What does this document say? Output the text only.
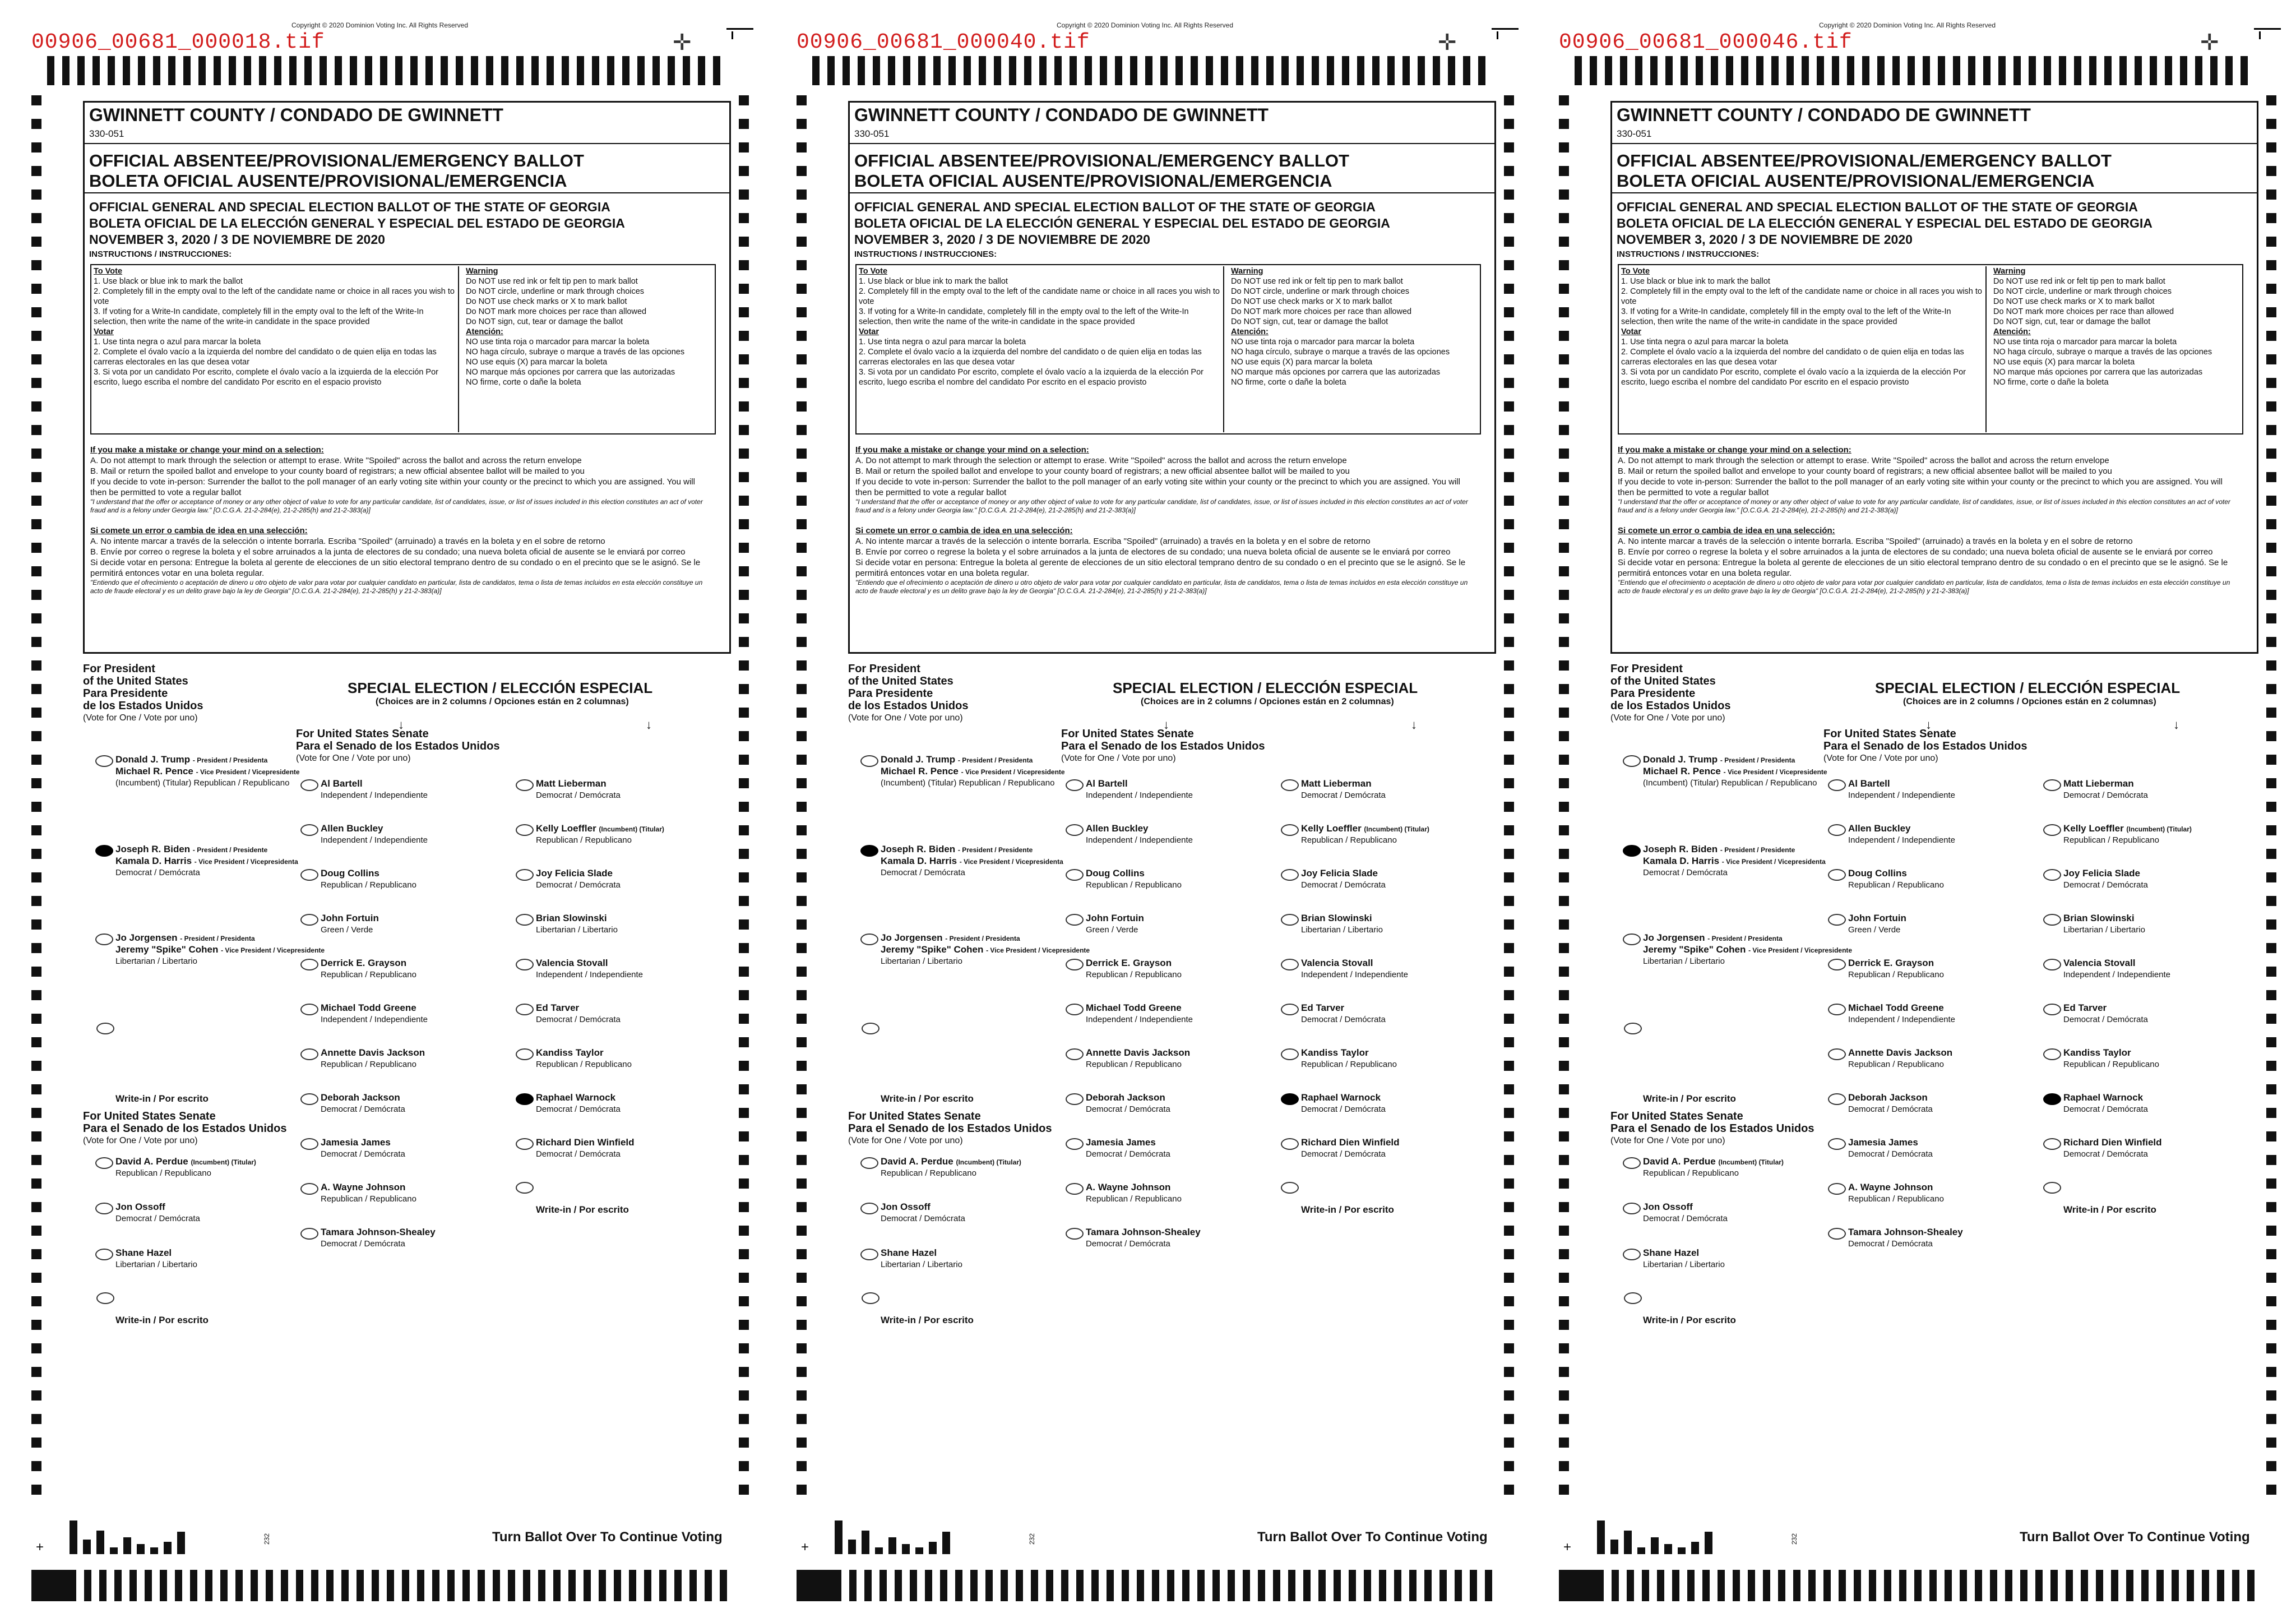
00906_00681_000018.tif
Copyright © 2020 Dominion Voting Inc. All Rights Reserved
✛
GWINNETT COUNTY / CONDADO DE GWINNETT
330-051
OFFICIAL ABSENTEE/PROVISIONAL/EMERGENCY BALLOT
BOLETA OFICIAL AUSENTE/PROVISIONAL/EMERGENCIA
OFFICIAL GENERAL AND SPECIAL ELECTION BALLOT OF THE STATE OF GEORGIA
BOLETA OFICIAL DE LA ELECCIÓN GENERAL Y ESPECIAL DEL ESTADO DE GEORGIA
NOVEMBER 3, 2020 / 3 DE NOVIEMBRE DE 2020
INSTRUCTIONS / INSTRUCCIONES:
To Vote
1. Use black or blue ink to mark the ballot
2. Completely fill in the empty oval to the left of the candidate name or choice in all races you wish to vote
3. If voting for a Write-In candidate, completely fill in the empty oval to the left of the Write-In selection, then write the name of the write-in candidate in the space provided
Votar
1. Use tinta negra o azul para marcar la boleta
2. Complete el óvalo vacío a la izquierda del nombre del candidato o de quien elija en todas las carreras electorales en las que desea votar
3. Si vota por un candidato Por escrito, complete el óvalo vacío a la izquierda de la elección Por escrito, luego escriba el nombre del candidato Por escrito en el espacio provisto
Warning
Do NOT use red ink or felt tip pen to mark ballot
Do NOT circle, underline or mark through choices
Do NOT use check marks or X to mark ballot
Do NOT mark more choices per race than allowed
Do NOT sign, cut, tear or damage the ballot
Atención:
NO use tinta roja o marcador para marcar la boleta
NO haga círculo, subraye o marque a través de las opciones
NO use equis (X) para marcar la boleta
NO marque más opciones por carrera que las autorizadas
NO firme, corte o dañe la boleta
If you make a mistake or change your mind on a selection:
A. Do not attempt to mark through the selection or attempt to erase. Write "Spoiled" across the ballot and across the return envelope
B. Mail or return the spoiled ballot and envelope to your county board of registrars; a new official absentee ballot will be mailed to you
If you decide to vote in-person: Surrender the ballot to the poll manager of an early voting site within your county or the precinct to which you are assigned. You will then be permitted to vote a regular ballot
"I understand that the offer or acceptance of money or any other object of value to vote for any particular candidate, list of candidates, issue, or list of issues included in this election constitutes an act of voter fraud and is a felony under Georgia law." [O.C.G.A. 21-2-284(e), 21-2-285(h) and 21-2-383(a)]

Si comete un error o cambia de idea en una selección:
A. No intente marcar a través de la selección o intente borrarla. Escriba "Spoiled" (arruinado) a través en la boleta y en el sobre de retorno
B. Envíe por correo o regrese la boleta y el sobre arruinados a la junta de electores de su condado; una nueva boleta oficial de ausente se le enviará por correo
Si decide votar en persona: Entregue la boleta al gerente de elecciones de un sitio electoral temprano dentro de su condado o en el precinto que se le asignó. Se le permitirá entonces votar en una boleta regular.
"Entiendo que el ofrecimiento o aceptación de dinero u otro objeto de valor para votar por cualquier candidato en particular, lista de candidatos, tema o lista de temas incluidos en esta elección constituye un acto de fraude electoral y es un delito grave bajo la ley de Georgia" [O.C.G.A. 21-2-284(e), 21-2-285(h) y 21-2-383(a)]
For President
of the United States
Para Presidente
de los Estados Unidos
(Vote for One / Vote por uno)
Donald J. Trump - President / Presidenta
Michael R. Pence - Vice President / Vicepresidente
(Incumbent) (Titular) Republican / Republicano
Joseph R. Biden - President / Presidente
Kamala D. Harris - Vice President / Vicepresidenta
Democrat / Demócrata
Jo Jorgensen - President / Presidenta
Jeremy "Spike" Cohen - Vice President / Vicepresidente
Libertarian / Libertario
Write-in / Por escrito
For United States Senate
Para el Senado de los Estados Unidos
(Vote for One / Vote por uno)
David A. Perdue (Incumbent) (Titular)
Republican / Republicano
Jon Ossoff
Democrat / Demócrata
Shane Hazel
Libertarian / Libertario
Write-in / Por escrito
SPECIAL ELECTION / ELECCIÓN ESPECIAL
(Choices are in 2 columns / Opciones están en 2 columnas)
↓	↓
For United States Senate
Para el Senado de los Estados Unidos
(Vote for One / Vote por uno)
Al Bartell
Independent / Independiente
Allen Buckley
Independent / Independiente
Doug Collins
Republican / Republicano
John Fortuin
Green / Verde
Derrick E. Grayson
Republican / Republicano
Michael Todd Greene
Independent / Independiente
Annette Davis Jackson
Republican / Republicano
Deborah Jackson
Democrat / Demócrata
Jamesia James
Democrat / Demócrata
A. Wayne Johnson
Republican / Republicano
Tamara Johnson-Shealey
Democrat / Demócrata
Matt Lieberman
Democrat / Demócrata
Kelly Loeffler (Incumbent) (Titular)
Republican / Republicano
Joy Felicia Slade
Democrat / Demócrata
Brian Slowinski
Libertarian / Libertario
Valencia Stovall
Independent / Independiente
Ed Tarver
Democrat / Demócrata
Kandiss Taylor
Republican / Republicano
Raphael Warnock
Democrat / Demócrata
Richard Dien Winfield
Democrat / Demócrata
Write-in / Por escrito
+
232	Turn Ballot Over To Continue Voting
00906_00681_000040.tif
Copyright © 2020 Dominion Voting Inc. All Rights Reserved
✛
GWINNETT COUNTY / CONDADO DE GWINNETT
330-051
OFFICIAL ABSENTEE/PROVISIONAL/EMERGENCY BALLOT
BOLETA OFICIAL AUSENTE/PROVISIONAL/EMERGENCIA
OFFICIAL GENERAL AND SPECIAL ELECTION BALLOT OF THE STATE OF GEORGIA
BOLETA OFICIAL DE LA ELECCIÓN GENERAL Y ESPECIAL DEL ESTADO DE GEORGIA
NOVEMBER 3, 2020 / 3 DE NOVIEMBRE DE 2020
INSTRUCTIONS / INSTRUCCIONES:
To Vote
1. Use black or blue ink to mark the ballot
2. Completely fill in the empty oval to the left of the candidate name or choice in all races you wish to vote
3. If voting for a Write-In candidate, completely fill in the empty oval to the left of the Write-In selection, then write the name of the write-in candidate in the space provided
Votar
1. Use tinta negra o azul para marcar la boleta
2. Complete el óvalo vacío a la izquierda del nombre del candidato o de quien elija en todas las carreras electorales en las que desea votar
3. Si vota por un candidato Por escrito, complete el óvalo vacío a la izquierda de la elección Por escrito, luego escriba el nombre del candidato Por escrito en el espacio provisto
Warning
Do NOT use red ink or felt tip pen to mark ballot
Do NOT circle, underline or mark through choices
Do NOT use check marks or X to mark ballot
Do NOT mark more choices per race than allowed
Do NOT sign, cut, tear or damage the ballot
Atención:
NO use tinta roja o marcador para marcar la boleta
NO haga círculo, subraye o marque a través de las opciones
NO use equis (X) para marcar la boleta
NO marque más opciones por carrera que las autorizadas
NO firme, corte o dañe la boleta
If you make a mistake or change your mind on a selection:
A. Do not attempt to mark through the selection or attempt to erase. Write "Spoiled" across the ballot and across the return envelope
B. Mail or return the spoiled ballot and envelope to your county board of registrars; a new official absentee ballot will be mailed to you
If you decide to vote in-person: Surrender the ballot to the poll manager of an early voting site within your county or the precinct to which you are assigned. You will then be permitted to vote a regular ballot
"I understand that the offer or acceptance of money or any other object of value to vote for any particular candidate, list of candidates, issue, or list of issues included in this election constitutes an act of voter fraud and is a felony under Georgia law." [O.C.G.A. 21-2-284(e), 21-2-285(h) and 21-2-383(a)]

Si comete un error o cambia de idea en una selección:
A. No intente marcar a través de la selección o intente borrarla. Escriba "Spoiled" (arruinado) a través en la boleta y en el sobre de retorno
B. Envíe por correo o regrese la boleta y el sobre arruinados a la junta de electores de su condado; una nueva boleta oficial de ausente se le enviará por correo
Si decide votar en persona: Entregue la boleta al gerente de elecciones de un sitio electoral temprano dentro de su condado o en el precinto que se le asignó. Se le permitirá entonces votar en una boleta regular.
"Entiendo que el ofrecimiento o aceptación de dinero u otro objeto de valor para votar por cualquier candidato en particular, lista de candidatos, tema o lista de temas incluidos en esta elección constituye un acto de fraude electoral y es un delito grave bajo la ley de Georgia" [O.C.G.A. 21-2-284(e), 21-2-285(h) y 21-2-383(a)]
For President
of the United States
Para Presidente
de los Estados Unidos
(Vote for One / Vote por uno)
Donald J. Trump - President / Presidenta
Michael R. Pence - Vice President / Vicepresidente
(Incumbent) (Titular) Republican / Republicano
Joseph R. Biden - President / Presidente
Kamala D. Harris - Vice President / Vicepresidenta
Democrat / Demócrata
Jo Jorgensen - President / Presidenta
Jeremy "Spike" Cohen - Vice President / Vicepresidente
Libertarian / Libertario
Write-in / Por escrito
For United States Senate
Para el Senado de los Estados Unidos
(Vote for One / Vote por uno)
David A. Perdue (Incumbent) (Titular)
Republican / Republicano
Jon Ossoff
Democrat / Demócrata
Shane Hazel
Libertarian / Libertario
Write-in / Por escrito
SPECIAL ELECTION / ELECCIÓN ESPECIAL
(Choices are in 2 columns / Opciones están en 2 columnas)
↓	↓
For United States Senate
Para el Senado de los Estados Unidos
(Vote for One / Vote por uno)
Al Bartell
Independent / Independiente
Allen Buckley
Independent / Independiente
Doug Collins
Republican / Republicano
John Fortuin
Green / Verde
Derrick E. Grayson
Republican / Republicano
Michael Todd Greene
Independent / Independiente
Annette Davis Jackson
Republican / Republicano
Deborah Jackson
Democrat / Demócrata
Jamesia James
Democrat / Demócrata
A. Wayne Johnson
Republican / Republicano
Tamara Johnson-Shealey
Democrat / Demócrata
Matt Lieberman
Democrat / Demócrata
Kelly Loeffler (Incumbent) (Titular)
Republican / Republicano
Joy Felicia Slade
Democrat / Demócrata
Brian Slowinski
Libertarian / Libertario
Valencia Stovall
Independent / Independiente
Ed Tarver
Democrat / Demócrata
Kandiss Taylor
Republican / Republicano
Raphael Warnock
Democrat / Demócrata
Richard Dien Winfield
Democrat / Demócrata
Write-in / Por escrito
+
232	Turn Ballot Over To Continue Voting
00906_00681_000046.tif
Copyright © 2020 Dominion Voting Inc. All Rights Reserved
✛
GWINNETT COUNTY / CONDADO DE GWINNETT
330-051
OFFICIAL ABSENTEE/PROVISIONAL/EMERGENCY BALLOT
BOLETA OFICIAL AUSENTE/PROVISIONAL/EMERGENCIA
OFFICIAL GENERAL AND SPECIAL ELECTION BALLOT OF THE STATE OF GEORGIA
BOLETA OFICIAL DE LA ELECCIÓN GENERAL Y ESPECIAL DEL ESTADO DE GEORGIA
NOVEMBER 3, 2020 / 3 DE NOVIEMBRE DE 2020
INSTRUCTIONS / INSTRUCCIONES:
To Vote
1. Use black or blue ink to mark the ballot
2. Completely fill in the empty oval to the left of the candidate name or choice in all races you wish to vote
3. If voting for a Write-In candidate, completely fill in the empty oval to the left of the Write-In selection, then write the name of the write-in candidate in the space provided
Votar
1. Use tinta negra o azul para marcar la boleta
2. Complete el óvalo vacío a la izquierda del nombre del candidato o de quien elija en todas las carreras electorales en las que desea votar
3. Si vota por un candidato Por escrito, complete el óvalo vacío a la izquierda de la elección Por escrito, luego escriba el nombre del candidato Por escrito en el espacio provisto
Warning
Do NOT use red ink or felt tip pen to mark ballot
Do NOT circle, underline or mark through choices
Do NOT use check marks or X to mark ballot
Do NOT mark more choices per race than allowed
Do NOT sign, cut, tear or damage the ballot
Atención:
NO use tinta roja o marcador para marcar la boleta
NO haga círculo, subraye o marque a través de las opciones
NO use equis (X) para marcar la boleta
NO marque más opciones por carrera que las autorizadas
NO firme, corte o dañe la boleta
If you make a mistake or change your mind on a selection:
A. Do not attempt to mark through the selection or attempt to erase. Write "Spoiled" across the ballot and across the return envelope
B. Mail or return the spoiled ballot and envelope to your county board of registrars; a new official absentee ballot will be mailed to you
If you decide to vote in-person: Surrender the ballot to the poll manager of an early voting site within your county or the precinct to which you are assigned. You will then be permitted to vote a regular ballot
"I understand that the offer or acceptance of money or any other object of value to vote for any particular candidate, list of candidates, issue, or list of issues included in this election constitutes an act of voter fraud and is a felony under Georgia law." [O.C.G.A. 21-2-284(e), 21-2-285(h) and 21-2-383(a)]

Si comete un error o cambia de idea en una selección:
A. No intente marcar a través de la selección o intente borrarla. Escriba "Spoiled" (arruinado) a través en la boleta y en el sobre de retorno
B. Envíe por correo o regrese la boleta y el sobre arruinados a la junta de electores de su condado; una nueva boleta oficial de ausente se le enviará por correo
Si decide votar en persona: Entregue la boleta al gerente de elecciones de un sitio electoral temprano dentro de su condado o en el precinto que se le asignó. Se le permitirá entonces votar en una boleta regular.
"Entiendo que el ofrecimiento o aceptación de dinero u otro objeto de valor para votar por cualquier candidato en particular, lista de candidatos, tema o lista de temas incluidos en esta elección constituye un acto de fraude electoral y es un delito grave bajo la ley de Georgia" [O.C.G.A. 21-2-284(e), 21-2-285(h) y 21-2-383(a)]
For President
of the United States
Para Presidente
de los Estados Unidos
(Vote for One / Vote por uno)
Donald J. Trump - President / Presidenta
Michael R. Pence - Vice President / Vicepresidente
(Incumbent) (Titular) Republican / Republicano
Joseph R. Biden - President / Presidente
Kamala D. Harris - Vice President / Vicepresidenta
Democrat / Demócrata
Jo Jorgensen - President / Presidenta
Jeremy "Spike" Cohen - Vice President / Vicepresidente
Libertarian / Libertario
Write-in / Por escrito
For United States Senate
Para el Senado de los Estados Unidos
(Vote for One / Vote por uno)
David A. Perdue (Incumbent) (Titular)
Republican / Republicano
Jon Ossoff
Democrat / Demócrata
Shane Hazel
Libertarian / Libertario
Write-in / Por escrito
SPECIAL ELECTION / ELECCIÓN ESPECIAL
(Choices are in 2 columns / Opciones están en 2 columnas)
↓	↓
For United States Senate
Para el Senado de los Estados Unidos
(Vote for One / Vote por uno)
Al Bartell
Independent / Independiente
Allen Buckley
Independent / Independiente
Doug Collins
Republican / Republicano
John Fortuin
Green / Verde
Derrick E. Grayson
Republican / Republicano
Michael Todd Greene
Independent / Independiente
Annette Davis Jackson
Republican / Republicano
Deborah Jackson
Democrat / Demócrata
Jamesia James
Democrat / Demócrata
A. Wayne Johnson
Republican / Republicano
Tamara Johnson-Shealey
Democrat / Demócrata
Matt Lieberman
Democrat / Demócrata
Kelly Loeffler (Incumbent) (Titular)
Republican / Republicano
Joy Felicia Slade
Democrat / Demócrata
Brian Slowinski
Libertarian / Libertario
Valencia Stovall
Independent / Independiente
Ed Tarver
Democrat / Demócrata
Kandiss Taylor
Republican / Republicano
Raphael Warnock
Democrat / Demócrata
Richard Dien Winfield
Democrat / Demócrata
Write-in / Por escrito
+
232	Turn Ballot Over To Continue Voting
